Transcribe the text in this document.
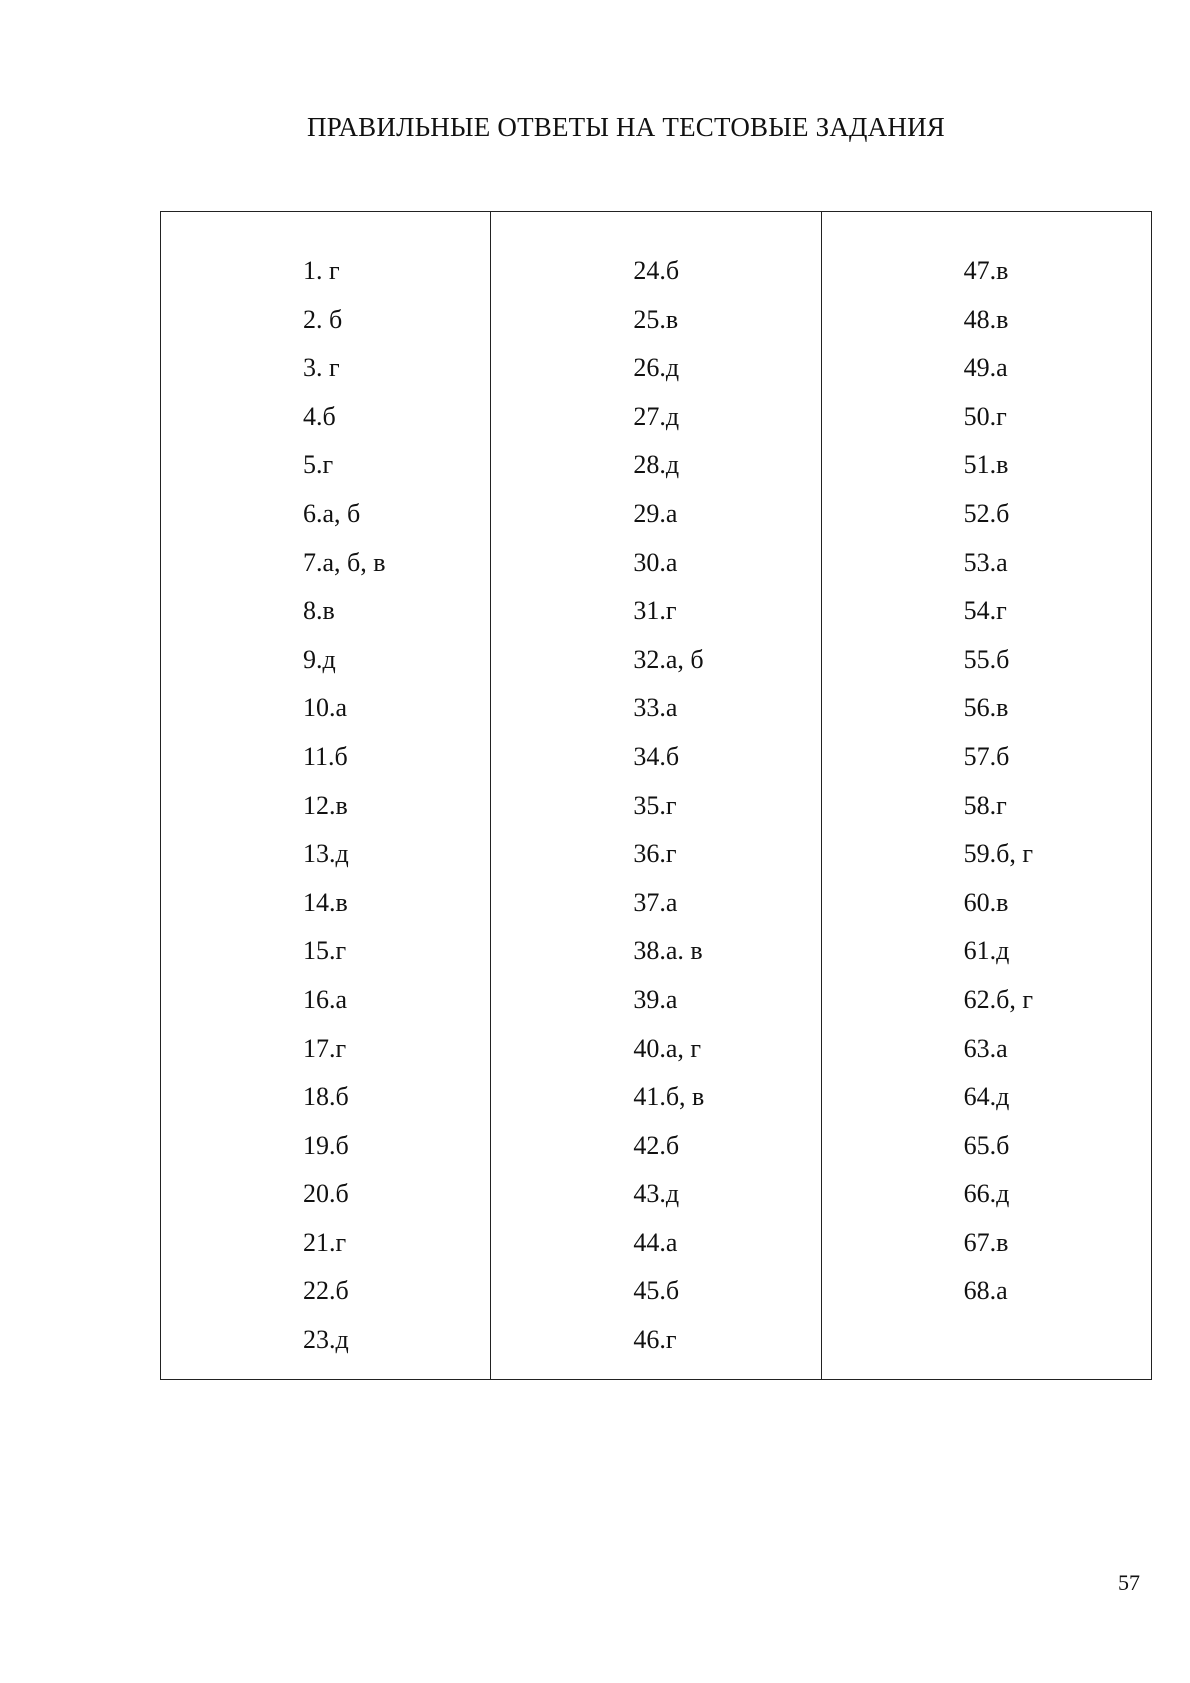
ПРАВИЛЬНЫЕ ОТВЕТЫ НА ТЕСТОВЫЕ ЗАДАНИЯ
1. г
2. б
3. г
4.б
5.г
6.а, б
7.а, б, в
8.в
9.д
10.а
11.б
12.в
13.д
14.в
15.г
16.а
17.г
18.б
19.б
20.б
21.г
22.б
23.д
24.б
25.в
26.д
27.д
28.д
29.а
30.а
31.г
32.а, б
33.а
34.б
35.г
36.г
37.а
38.а. в
39.а
40.а, г
41.б, в
42.б
43.д
44.а
45.б
46.г
47.в
48.в
49.а
50.г
51.в
52.б
53.а
54.г
55.б
56.в
57.б
58.г
59.б, г
60.в
61.д
62.б, г
63.а
64.д
65.б
66.д
67.в
68.а
57
